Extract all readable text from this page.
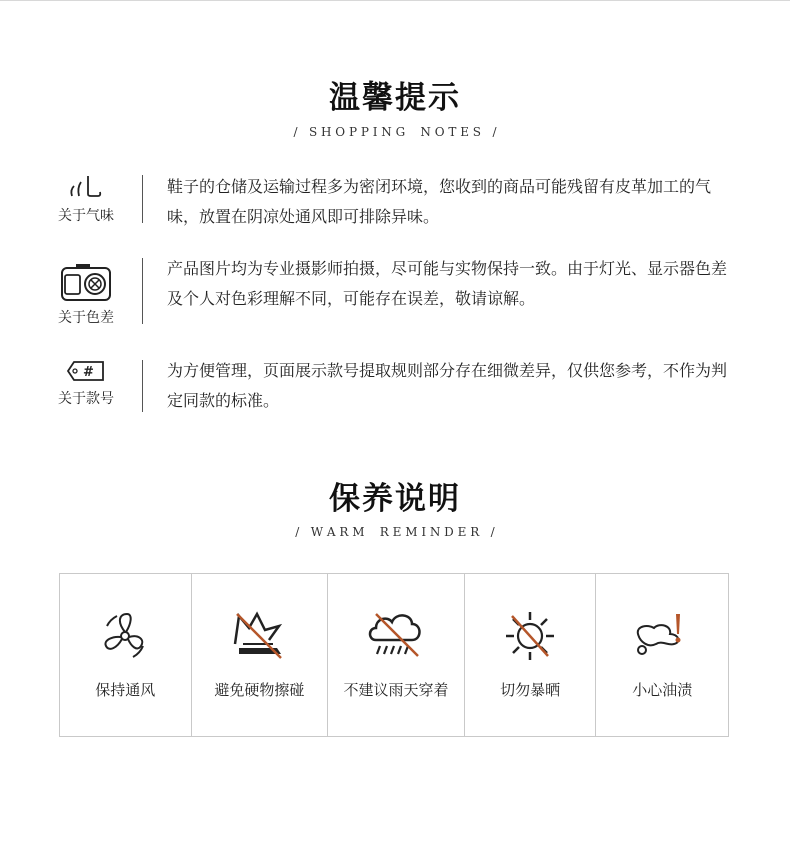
温馨提示
/   S H O P P I N G    N O T E S   /
关于气味
鞋子的仓储及运输过程多为密闭环境，您收到的商品可能残留有皮革加工的气味，放置在阴凉处通风即可排除异味。
关于色差
产品图片均为专业摄影师拍摄，尽可能与实物保持一致。由于灯光、显示器色差及个人对色彩理解不同，可能存在误差，敬请谅解。
#
关于款号
为方便管理，页面展示款号提取规则部分存在细微差异，仅供您参考，不作为判定同款的标准。
保养说明
/   W A R M    R E M I N D E R   /
保持通风	避免硬物擦碰	不建议雨天穿着	切勿暴晒	小心油渍
